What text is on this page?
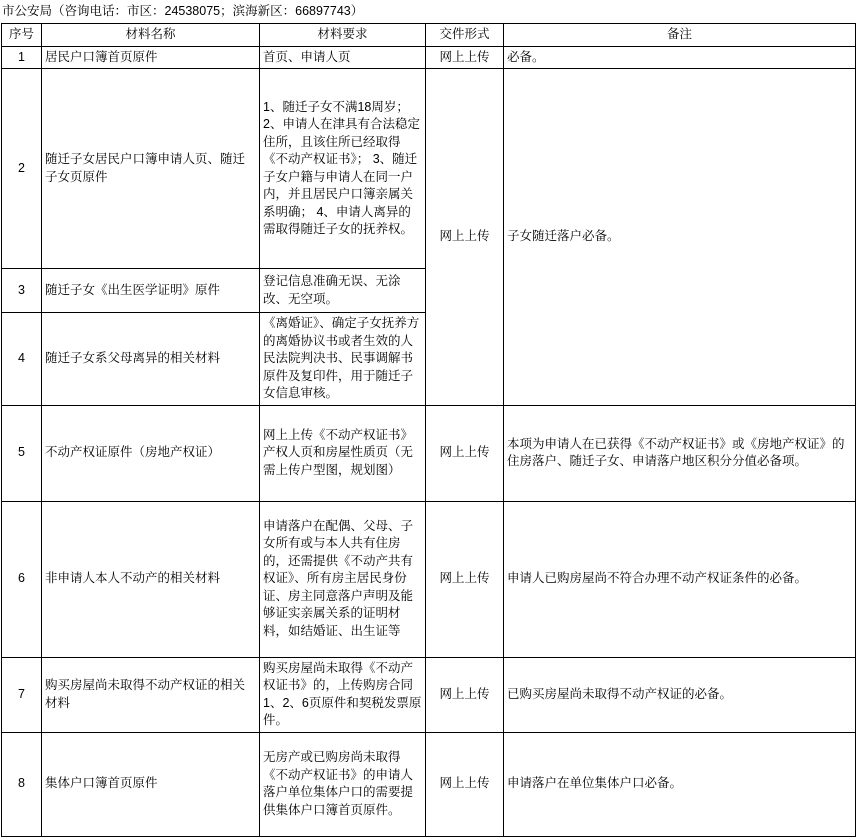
市公安局（咨询电话：市区：24538075；滨海新区：66897743）
序号	材料名称	材料要求	交件形式	备注
1	居民户口簿首页原件	首页、申请人页	网上上传	必备。
2	随迁子女居民户口簿申请人页、随迁子女页原件	1、随迁子女不满18周岁； 2、申请人在津具有合法稳定住所，且该住所已经取得《不动产权证书》； 3、随迁子女户籍与申请人在同一户内，并且居民户口簿亲属关系明确； 4、申请人离异的需取得随迁子女的抚养权。	网上上传	子女随迁落户必备。
3	随迁子女《出生医学证明》原件	登记信息准确无误、无涂改、无空项。		
4	随迁子女系父母离异的相关材料	《离婚证》、确定子女抚养方的离婚协议书或者生效的人民法院判决书、民事调解书原件及复印件，用于随迁子女信息审核。		
5	不动产权证原件（房地产权证）	网上上传《不动产权证书》产权人页和房屋性质页（无需上传户型图，规划图）	网上上传	本项为申请人在已获得《不动产权证书》或《房地产权证》的住房落户、随迁子女、申请落户地区积分分值必备项。
6	非申请人本人不动产的相关材料	申请落户在配偶、父母、子女所有或与本人共有住房的，还需提供《不动产共有权证》、所有房主居民身份证、房主同意落户声明及能够证实亲属关系的证明材料，如结婚证、出生证等	网上上传	申请人已购房屋尚不符合办理不动产权证条件的必备。
7	购买房屋尚未取得不动产权证的相关材料	购买房屋尚未取得《不动产权证书》的，上传购房合同1、2、6页原件和契税发票原件。	网上上传	已购买房屋尚未取得不动产权证的必备。
8	集体户口簿首页原件	无房产或已购房尚未取得《不动产权证书》的申请人落户单位集体户口的需要提供集体户口簿首页原件。	网上上传	申请落户在单位集体户口必备。
